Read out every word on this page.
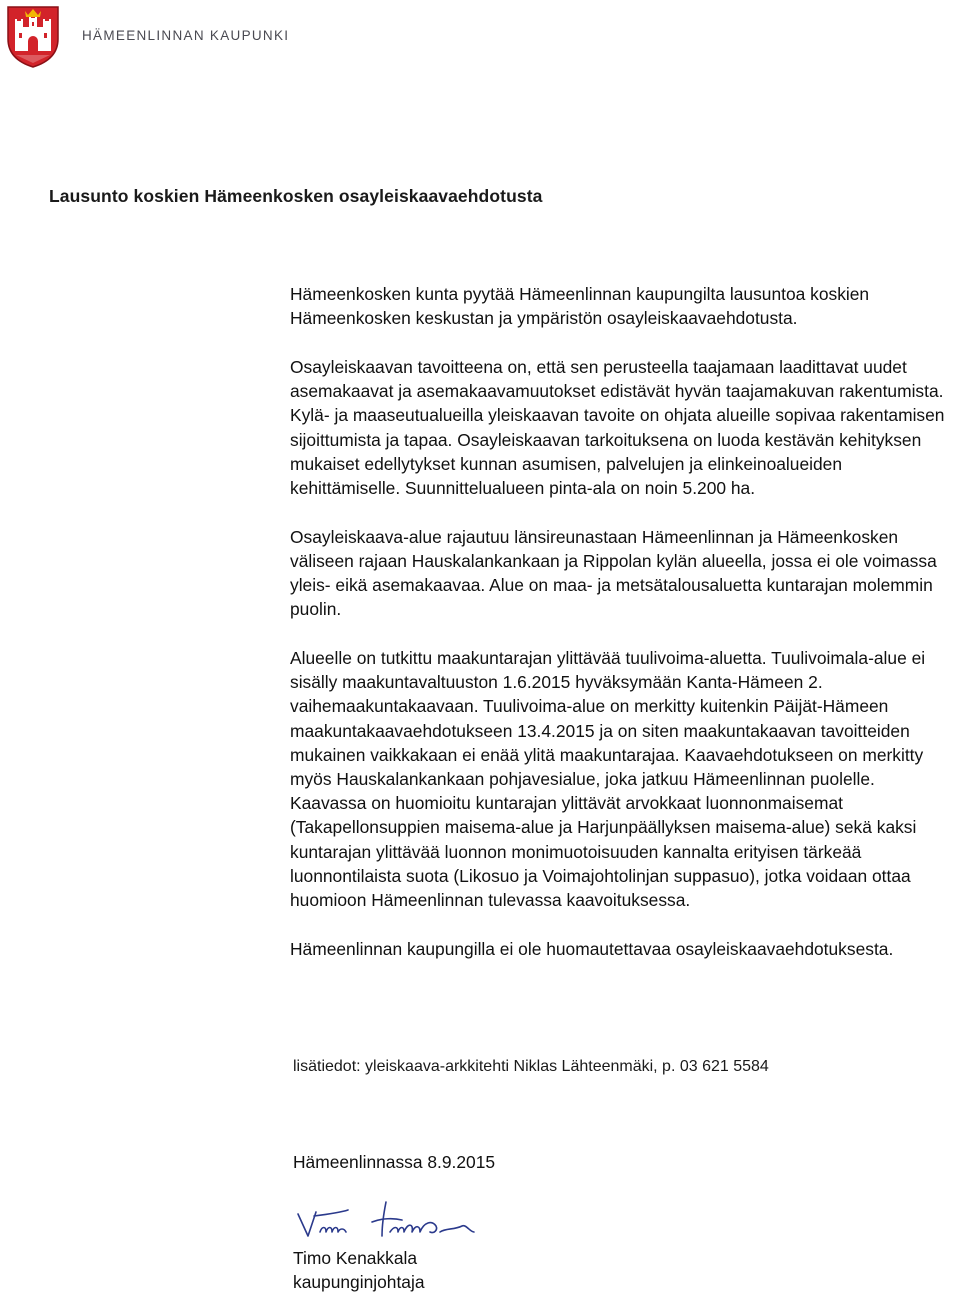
HÄMEENLINNAN KAUPUNKI
Lausunto koskien Hämeenkosken osayleiskaavaehdotusta

Hämeenkosken kunta pyytää Hämeenlinnan kaupungilta lausuntoa koskien Hämeenkosken keskustan ja ympäristön osayleiskaavaehdotusta.

Osayleiskaavan tavoitteena on, että sen perusteella taajamaan laadittavat uudet asemakaavat ja asemakaavamuutokset edistävät hyvän taajamakuvan rakentumista. Kylä- ja maaseutualueilla yleiskaavan tavoite on ohjata alueille sopivaa rakentamisen sijoittumista ja tapaa. Osayleiskaavan tarkoituksena on luoda kestävän kehityksen mukaiset edellytykset kunnan asumisen, palvelujen ja elinkeinoalueiden kehittämiselle. Suunnittelualueen pinta-ala on noin 5.200 ha.

Osayleiskaava-alue rajautuu länsireunastaan Hämeenlinnan ja Hämeenkosken väliseen rajaan Hauskalankankaan ja Rippolan kylän alueella, jossa ei ole voimassa yleis- eikä asemakaavaa. Alue on maa- ja metsätalousaluetta kuntarajan molemmin puolin.

Alueelle on tutkittu maakuntarajan ylittävää tuulivoima-aluetta. Tuulivoimala-alue ei sisälly maakuntavaltuuston 1.6.2015 hyväksymään Kanta-Hämeen 2. vaihemaakuntakaavaan. Tuulivoima-alue on merkitty kuitenkin Päijät-Hämeen maakuntakaavaehdotukseen 13.4.2015 ja on siten maakuntakaavan tavoitteiden mukainen vaikkakaan ei enää ylitä maakuntarajaa. Kaavaehdotukseen on merkitty myös Hauskalankankaan pohjavesialue, joka jatkuu Hämeenlinnan puolelle. Kaavassa on huomioitu kuntarajan ylittävät arvokkaat luonnonmaisemat (Takapellonsuppien maisema-alue ja Harjunpäällyksen maisema-alue) sekä kaksi kuntarajan ylittävää luonnon monimuotoisuuden kannalta erityisen tärkeää luonnontilaista suota (Likosuo ja Voimajohtolinjan suppasuo), jotka voidaan ottaa huomioon Hämeenlinnan tulevassa kaavoituksessa.

Hämeenlinnan kaupungilla ei ole huomautettavaa osayleiskaavaehdotuksesta.

lisätiedot: yleiskaava-arkkitehti Niklas Lähteenmäki, p. 03 621 5584
Hämeenlinnassa 8.9.2015
Timo Kenakkala
kaupunginjohtaja
